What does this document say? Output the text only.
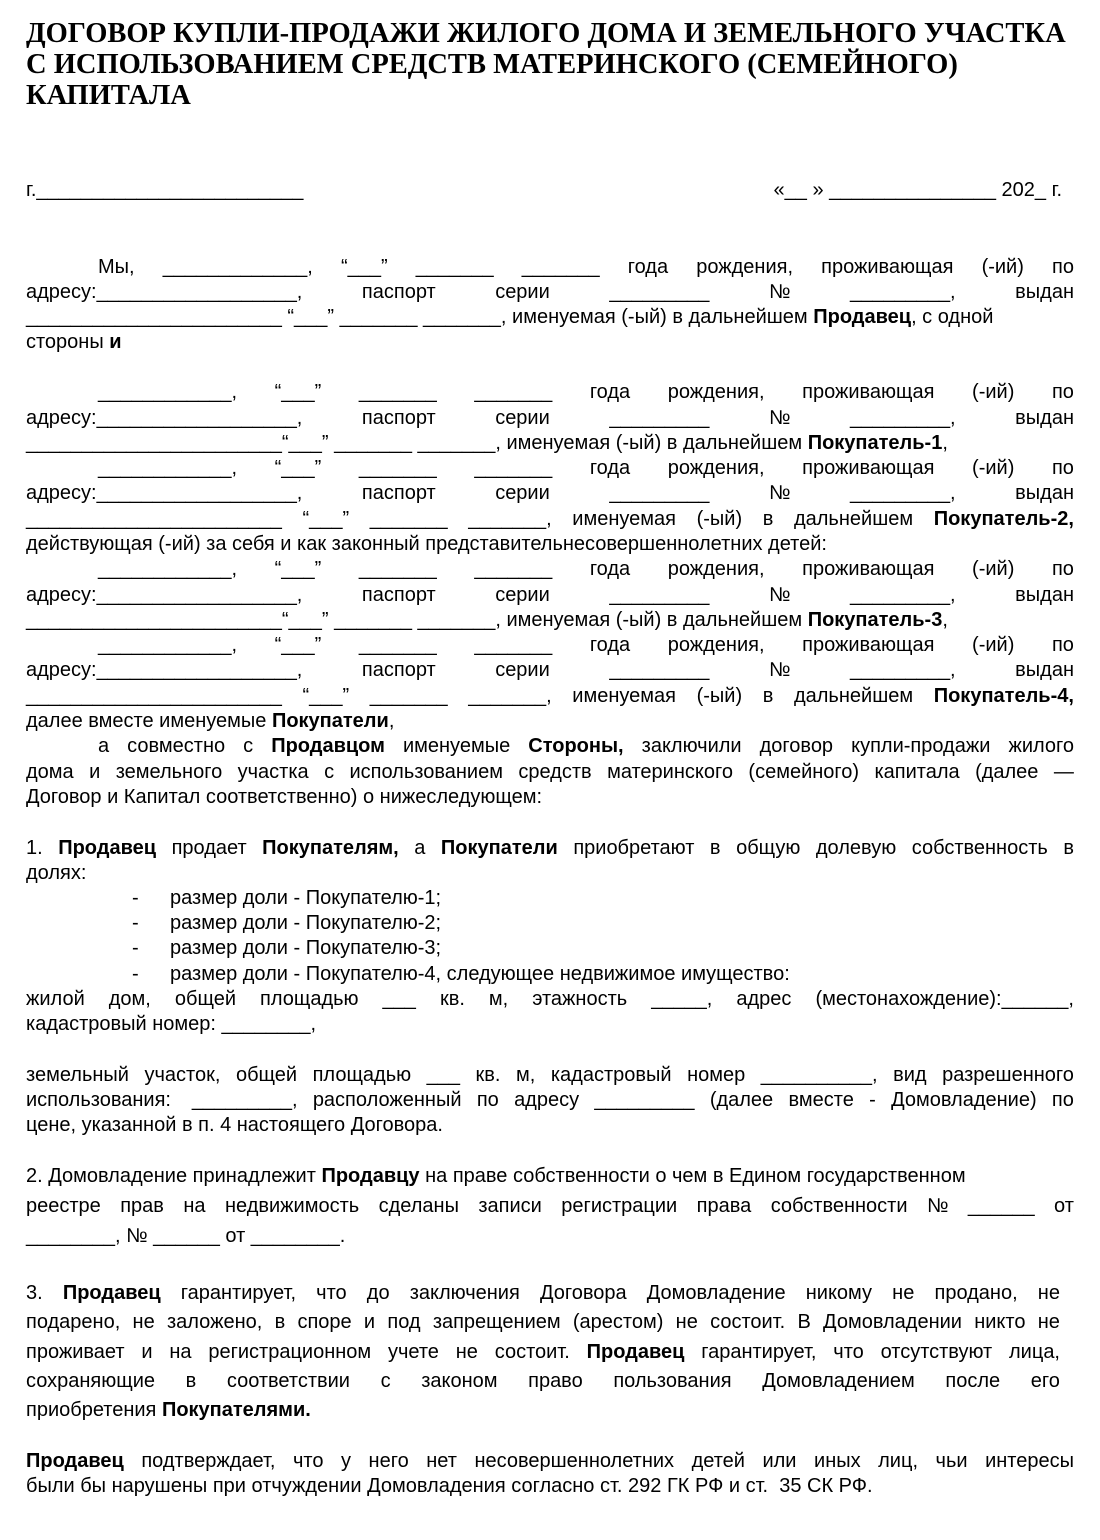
ДОГОВОР КУПЛИ-ПРОДАЖИ ЖИЛОГО ДОМА И ЗЕМЕЛЬНОГО УЧАСТКА С ИСПОЛЬЗОВАНИЕМ СРЕДСТВ МАТЕРИНСКОГО (СЕМЕЙНОГО) КАПИТАЛА
г.________________________	«__ » _______________ 202_ г.
Мы, _____________, “___” _______ _______ года рождения, проживающая (-ий) по
адресу:__________________,	паспорт	серии	_________	№	_________,	выдан
_______________________ “___” _______ _______, именуемая (-ый) в дальнейшем Продавец , с одной
стороны и
____________, “___” _______ _______ года рождения, проживающая (-ий) по
адресу:__________________,	паспорт	серии	_________	№	_________,	выдан
_______________________“___” _______ _______, именуемая (-ый) в дальнейшем Покупатель-1 ,
____________, “___” _______ _______ года рождения, проживающая (-ий) по
адресу:__________________,	паспорт	серии	_________	№	_________,	выдан
_______________________ “___” _______ _______, именуемая (-ый) в дальнейшем Покупатель-2,
действующая (-ий) за себя и как законный представительнесовершеннолетних детей:
____________, “___” _______ _______ года рождения, проживающая (-ий) по
адресу:__________________,	паспорт	серии	_________	№	_________,	выдан
_______________________“___” _______ _______, именуемая (-ый) в дальнейшем Покупатель-3 ,
____________, “___” _______ _______ года рождения, проживающая (-ий) по
адресу:__________________,	паспорт	серии	_________	№	_________,	выдан
_______________________ “___” _______ _______, именуемая (-ый) в дальнейшем Покупатель-4,
далее вместе именуемые Покупатели ,
а совместно с Продавцом именуемые Стороны, заключили договор купли-продажи жилого
дома и земельного участка с использованием средств материнского (семейного) капитала (далее —
Договор и Капитал соответственно) о нижеследующем:
1. Продавец продает Покупателям, а Покупатели приобретают в общую долевую собственность в
долях:
жилой дом, общей площадью ___ кв. м, этажность _____, адрес (местонахождение):______,
кадастровый номер: ________,
земельный участок, общей площадью ___ кв. м, кадастровый номер __________, вид разрешенного
использования: _________, расположенный по адресу _________ (далее вместе - Домовладение) по
цене, указанной в п. 4 настоящего Договора.
2. Домовладение принадлежит Продавцу на праве собственности о чем в Едином государственном
реестре прав на недвижимость сделаны записи регистрации права собственности № ______ от
________, № ______ от ________.
3. Продавец гарантирует, что до заключения Договора Домовладение никому не продано, не
подарено, не заложено, в споре и под запрещением (арестом) не состоит. В Домовладении никто не
проживает и на регистрационном учете не состоит. Продавец гарантирует, что отсутствуют лица,
сохраняющие в соответствии с законом право пользования Домовладением после его
приобретения Покупателями.
Продавец подтверждает, что у него нет несовершеннолетних детей или иных лиц, чьи интересы
были бы нарушены при отчуждении Домовладения согласно ст. 292 ГК РФ и ст.  35 СК РФ.
- размер доли - Покупателю-1;
- размер доли - Покупателю-2;
- размер доли - Покупателю-3;
- размер доли - Покупателю-4, следующее недвижимое имущество:
